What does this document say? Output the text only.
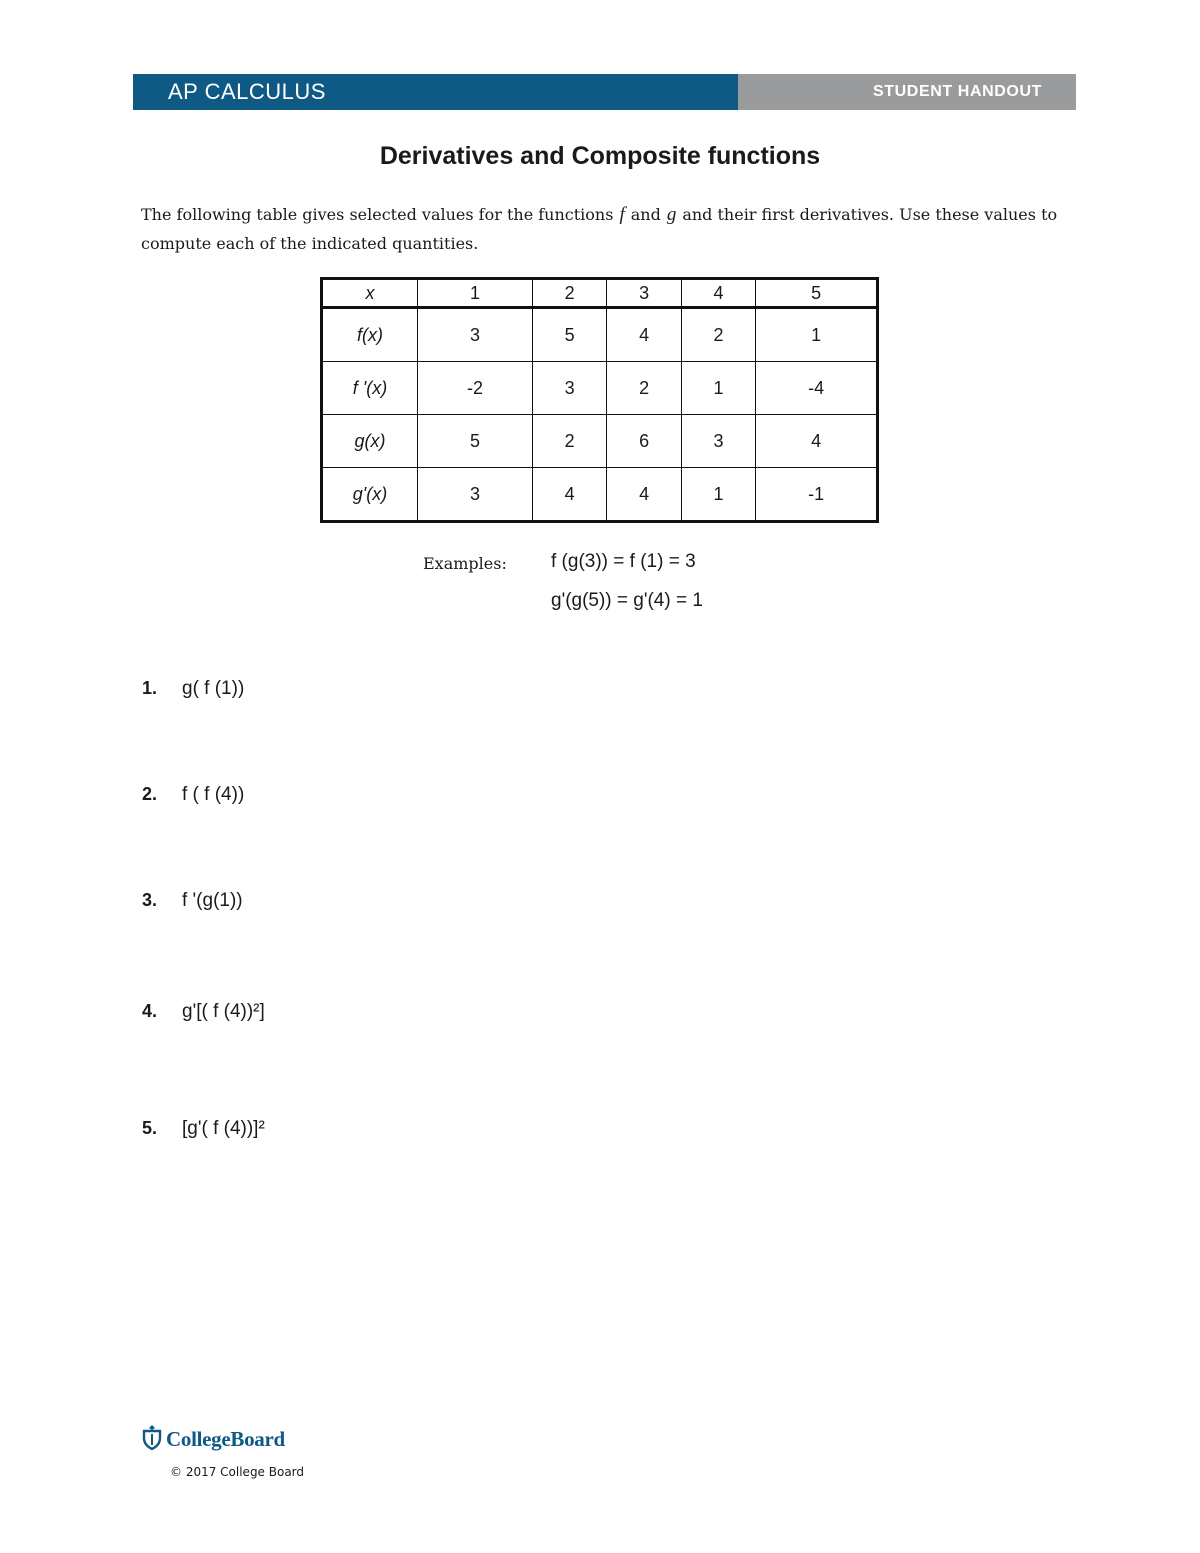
AP CALCULUS	STUDENT HANDOUT
Derivatives and Composite functions
The following table gives selected values for the functions f and g and their first derivatives. Use these values to compute each of the indicated quantities.
x	1	2	3	4	5
f(x)	3	5	4	2	1
f '(x)	-2	3	2	1	-4
g(x)	5	2	6	3	4
g'(x)	3	4	4	1	-1
Examples: f (g(3)) = f (1) = 3
g'(g(5)) = g'(4) = 1
1. g( f (1))
2. f ( f (4))
3. f '(g(1))
4. g'[( f (4))²]
5. [g'( f (4))]²
CollegeBoard
© 2017 College Board
